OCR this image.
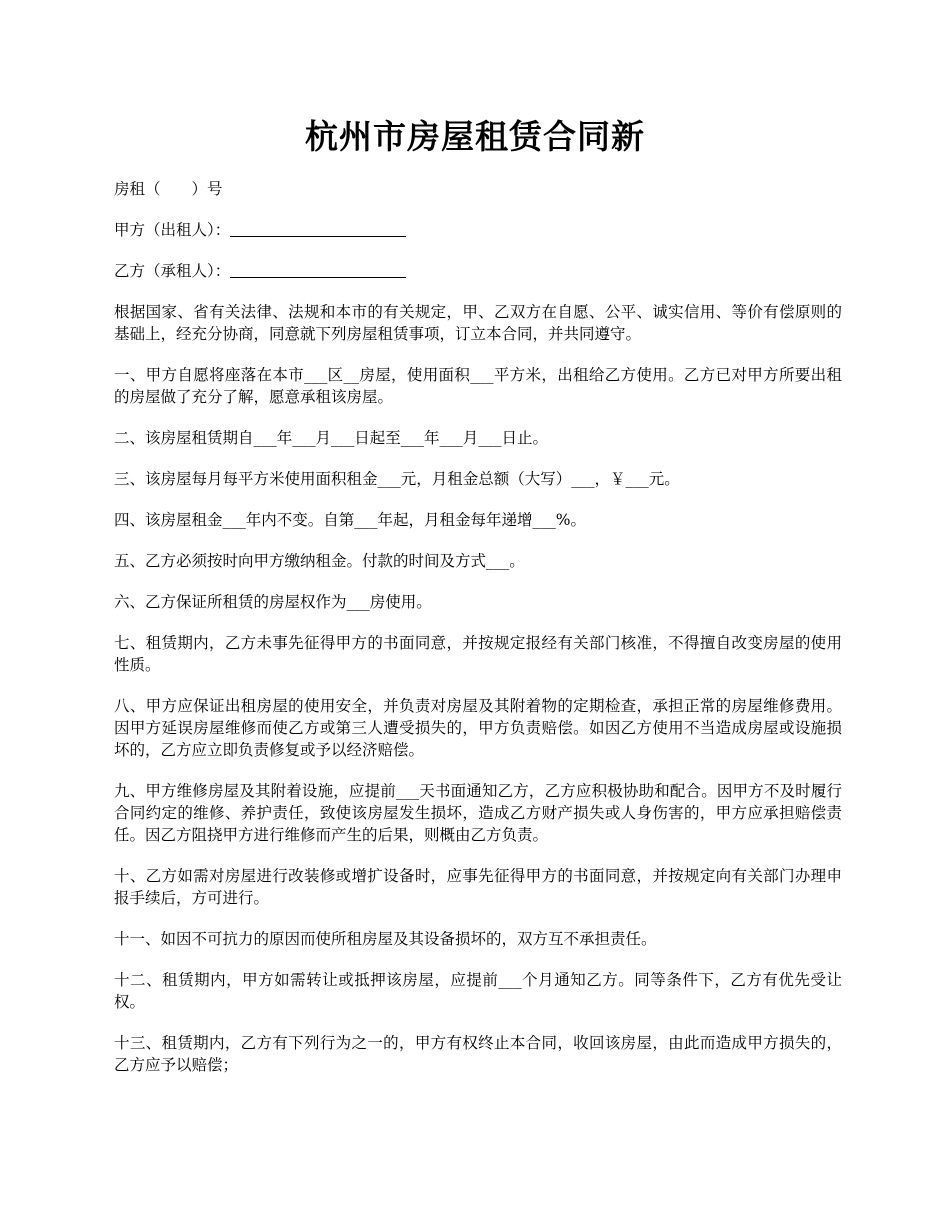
杭州市房屋租赁合同新

房租（ ）号

甲方（出租人）：

乙方（承租人）：

根据国家、省有关法律、法规和本市的有关规定，甲、乙双方在自愿、公平、诚实信用、等价有偿原则的基础上，经充分协商，同意就下列房屋租赁事项，订立本合同，并共同遵守。

一、甲方自愿将座落在本市___区__房屋，使用面积___平方米，出租给乙方使用。乙方已对甲方所要出租的房屋做了充分了解，愿意承租该房屋。

二、该房屋租赁期自___年___月___日起至___年___月___日止。

三、该房屋每月每平方米使用面积租金___元，月租金总额（大写）___，￥___元。

四、该房屋租金___年内不变。自第___年起，月租金每年递增___%。

五、乙方必须按时向甲方缴纳租金。付款的时间及方式___。

六、乙方保证所租赁的房屋权作为___房使用。

七、租赁期内，乙方未事先征得甲方的书面同意，并按规定报经有关部门核准，不得擅自改变房屋的使用性质。

八、甲方应保证出租房屋的使用安全，并负责对房屋及其附着物的定期检查，承担正常的房屋维修费用。因甲方延误房屋维修而使乙方或第三人遭受损失的，甲方负责赔偿。如因乙方使用不当造成房屋或设施损坏的，乙方应立即负责修复或予以经济赔偿。

九、甲方维修房屋及其附着设施，应提前___天书面通知乙方，乙方应积极协助和配合。因甲方不及时履行合同约定的维修、养护责任，致使该房屋发生损坏，造成乙方财产损失或人身伤害的，甲方应承担赔偿责任。因乙方阻挠甲方进行维修而产生的后果，则概由乙方负责。

十、乙方如需对房屋进行改装修或增扩设备时，应事先征得甲方的书面同意，并按规定向有关部门办理申报手续后，方可进行。

十一、如因不可抗力的原因而使所租房屋及其设备损坏的，双方互不承担责任。

十二、租赁期内，甲方如需转让或抵押该房屋，应提前___个月通知乙方。同等条件下，乙方有优先受让权。

十三、租赁期内，乙方有下列行为之一的，甲方有权终止本合同，收回该房屋，由此而造成甲方损失的，乙方应予以赔偿；
